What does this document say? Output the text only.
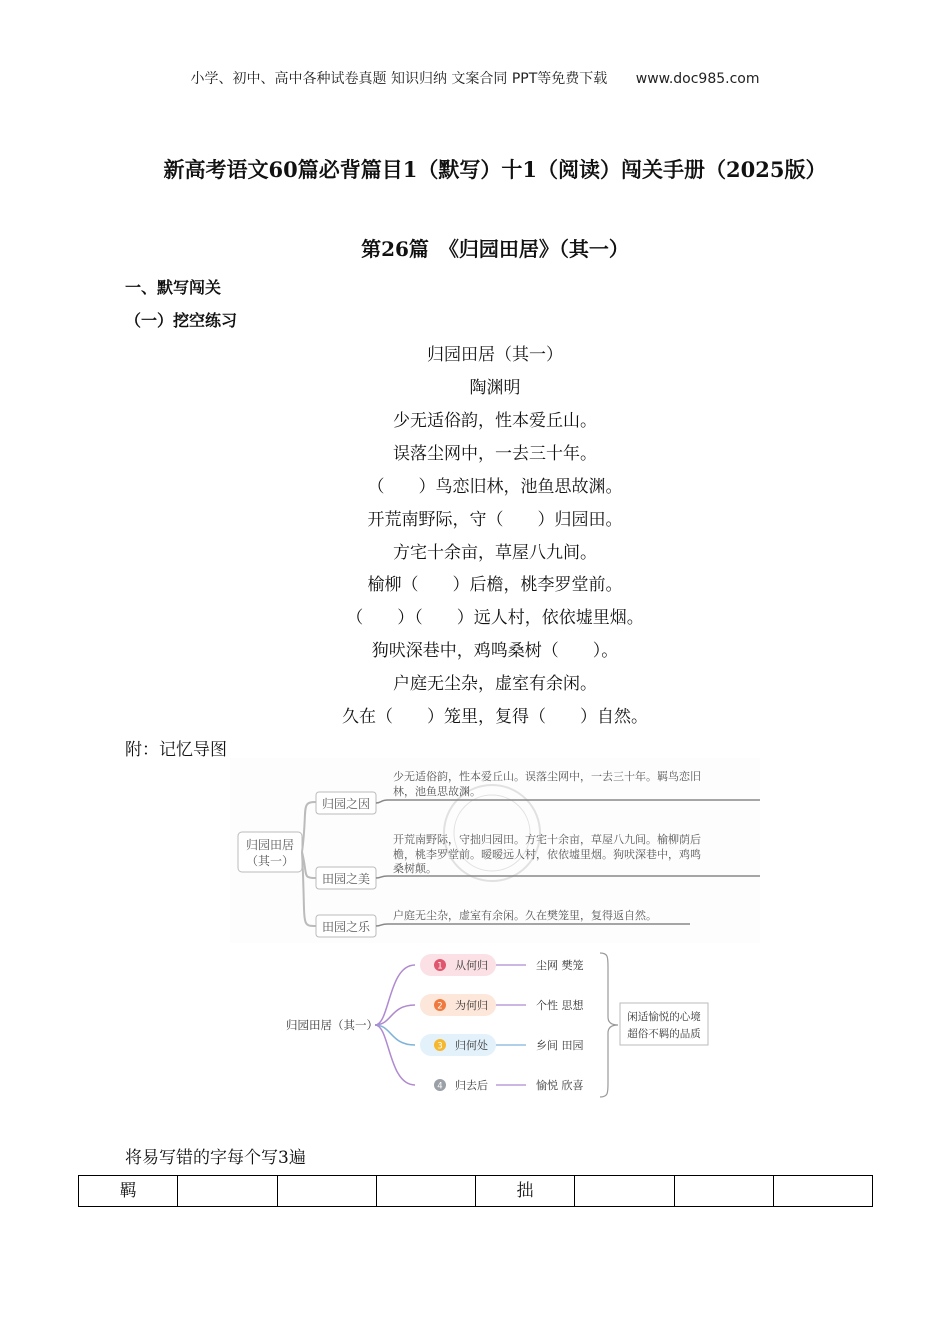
小学、初中、高中各种试卷真题 知识归纳 文案合同 PPT等免费下载 www.doc985.com
新高考语文60篇必背篇目1（默写）十1（阅读）闯关手册（2025版）
第26篇　《归园田居》（其一）
一、默写闯关
（一）挖空练习
归园田居（其一）
陶渊明
少无适俗韵，性本爱丘山。
误落尘网中，一去三十年。
（　　）鸟恋旧林，池鱼思故渊。
开荒南野际，守（　　）归园田。
方宅十余亩，草屋八九间。
榆柳（　　）后檐，桃李罗堂前。
（　　）（　　）远人村，依依墟里烟。
狗吠深巷中，鸡鸣桑树（　　）。
户庭无尘杂，虚室有余闲。
久在（　　）笼里，复得（　　）自然。
附：记忆导图
归园田居
（其一）
归园之因
少无适俗韵，性本爱丘山。误落尘网中，一去三十年。羁鸟恋旧
林，池鱼思故渊。
田园之美
开荒南野际，守拙归园田。方宅十余亩，草屋八九间。榆柳荫后
檐，桃李罗堂前。暧暧远人村，依依墟里烟。狗吠深巷中，鸡鸣
桑树颠。
田园之乐
户庭无尘杂，虚室有余闲。久在樊笼里，复得返自然。
归园田居（其一）
1 从何归	尘网 樊笼
2 为何归	个性 思想
3 归何处	乡间 田园
4 归去后	愉悦 欣喜
闲适愉悦的心境
超俗不羁的品质
将易写错的字每个写3遍
羁				拙			
